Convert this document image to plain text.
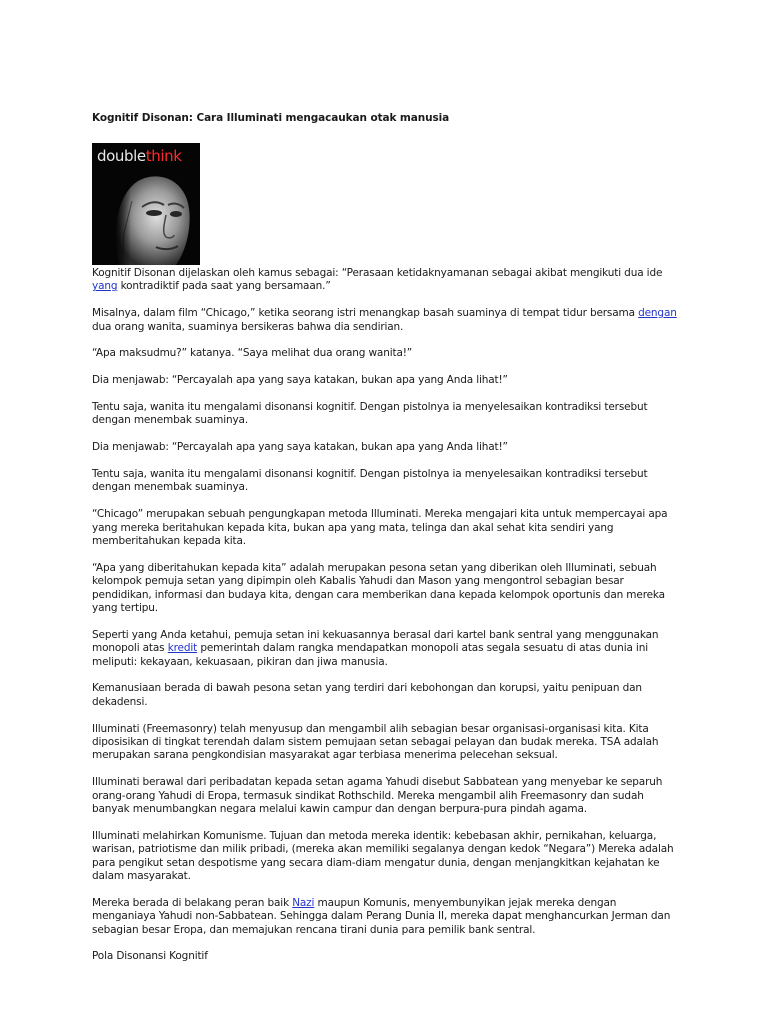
Kognitif Disonan: Cara Illuminati mengacaukan otak manusia
doublethink

Kognitif Disonan dijelaskan oleh kamus sebagai: “Perasaan ketidaknyamanan sebagai akibat mengikuti dua ide yang kontradiktif pada saat yang bersamaan.”

Misalnya, dalam film “Chicago,” ketika seorang istri menangkap basah suaminya di tempat tidur bersama dengan dua orang wanita, suaminya bersikeras bahwa dia sendirian.

“Apa maksudmu?” katanya. “Saya melihat dua orang wanita!”

Dia menjawab: “Percayalah apa yang saya katakan, bukan apa yang Anda lihat!”

Tentu saja, wanita itu mengalami disonansi kognitif. Dengan pistolnya ia menyelesaikan kontradiksi tersebut dengan menembak suaminya.

Dia menjawab: “Percayalah apa yang saya katakan, bukan apa yang Anda lihat!”

Tentu saja, wanita itu mengalami disonansi kognitif. Dengan pistolnya ia menyelesaikan kontradiksi tersebut dengan menembak suaminya.

“Chicago” merupakan sebuah pengungkapan metoda Illuminati. Mereka mengajari kita untuk mempercayai apa yang mereka beritahukan kepada kita, bukan apa yang mata, telinga dan akal sehat kita sendiri yang memberitahukan kepada kita.

“Apa yang diberitahukan kepada kita” adalah merupakan pesona setan yang diberikan oleh Illuminati, sebuah kelompok pemuja setan yang dipimpin oleh Kabalis Yahudi dan Mason yang mengontrol sebagian besar pendidikan, informasi dan budaya kita, dengan cara memberikan dana kepada kelompok oportunis dan mereka yang tertipu.

Seperti yang Anda ketahui, pemuja setan ini kekuasannya berasal dari kartel bank sentral yang menggunakan monopoli atas kredit pemerintah dalam rangka mendapatkan monopoli atas segala sesuatu di atas dunia ini meliputi: kekayaan, kekuasaan, pikiran dan jiwa manusia.

Kemanusiaan berada di bawah pesona setan yang terdiri dari kebohongan dan korupsi, yaitu penipuan dan dekadensi.

Illuminati (Freemasonry) telah menyusup dan mengambil alih sebagian besar organisasi-organisasi kita. Kita diposisikan di tingkat terendah dalam sistem pemujaan setan sebagai pelayan dan budak mereka. TSA adalah merupakan sarana pengkondisian masyarakat agar terbiasa menerima pelecehan seksual.

Illuminati berawal dari peribadatan kepada setan agama Yahudi disebut Sabbatean yang menyebar ke separuh orang-orang Yahudi di Eropa, termasuk sindikat Rothschild. Mereka mengambil alih Freemasonry dan sudah banyak menumbangkan negara melalui kawin campur dan dengan berpura-pura pindah agama.

Illuminati melahirkan Komunisme. Tujuan dan metoda mereka identik: kebebasan akhir, pernikahan, keluarga, warisan, patriotisme dan milik pribadi, (mereka akan memiliki segalanya dengan kedok “Negara”) Mereka adalah para pengikut setan despotisme yang secara diam-diam mengatur dunia, dengan menjangkitkan kejahatan ke dalam masyarakat.

Mereka berada di belakang peran baik Nazi maupun Komunis, menyembunyikan jejak mereka dengan menganiaya Yahudi non-Sabbatean. Sehingga dalam Perang Dunia II, mereka dapat menghancurkan Jerman dan sebagian besar Eropa, dan memajukan rencana tirani dunia para pemilik bank sentral.

Pola Disonansi Kognitif
